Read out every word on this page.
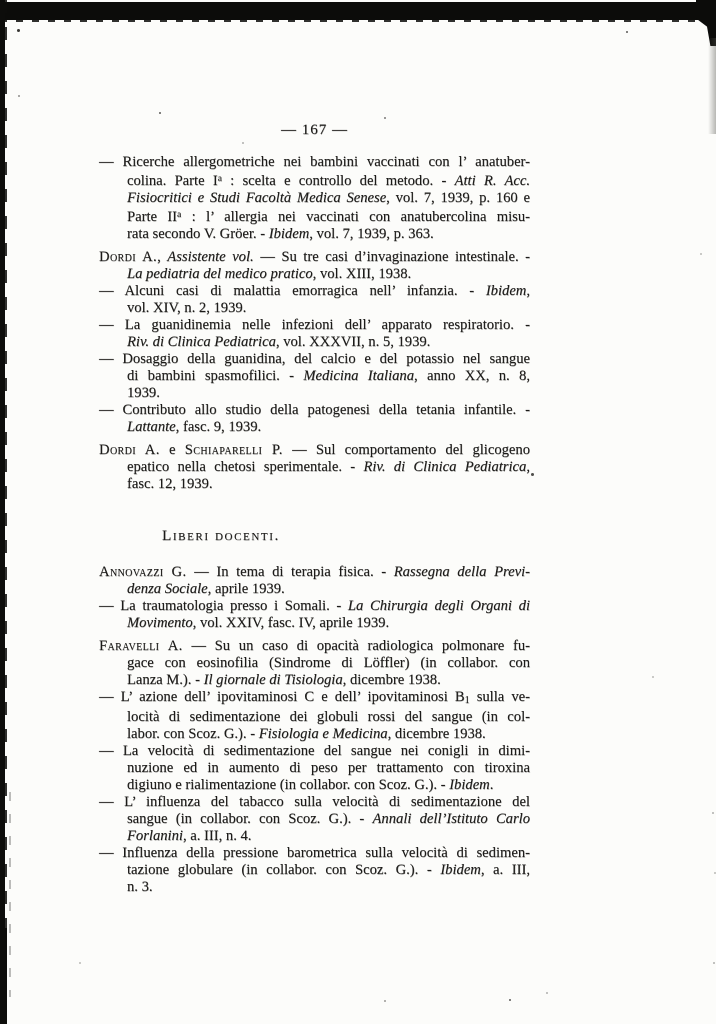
— 167 —
— Ricerche allergometriche nei bambini vaccinati con l’ anatuber-
colina. Parte $I^a$ : scelta e controllo del metodo. - Atti R. Acc.
Fisiocritici e Studi Facoltà Medica Senese, vol. 7, 1939, p. 160 e
Parte $II^a$ : l’ allergia nei vaccinati con anatubercolina misu-
rata secondo V. Gröer. - Ibidem, vol. 7, 1939, p. 363.
Dordi A., Assistente vol. — Su tre casi d’invaginazione intestinale. -
La pediatria del medico pratico, vol. XIII, 1938.
— Alcuni casi di malattia emorragica nell’ infanzia. - Ibidem,
vol. XIV, n. 2, 1939.
— La guanidinemia nelle infezioni dell’ apparato respiratorio. -
Riv. di Clinica Pediatrica, vol. XXXVII, n. 5, 1939.
— Dosaggio della guanidina, del calcio e del potassio nel sangue
di bambini spasmofilici. - Medicina Italiana, anno XX, n. 8,
1939.
— Contributo allo studio della patogenesi della tetania infantile. -
Lattante, fasc. 9, 1939.
Dordi A. e Schiaparelli P. — Sul comportamento del glicogeno
epatico nella chetosi sperimentale. - Riv. di Clinica Pediatrica,
fasc. 12, 1939.
Liberi docenti.
Annovazzi G. — In tema di terapia fisica. - Rassegna della Previ-
denza Sociale, aprile 1939.
— La traumatologia presso i Somali. - La Chirurgia degli Organi di
Movimento, vol. XXIV, fasc. IV, aprile 1939.
Faravelli A. — Su un caso di opacità radiologica polmonare fu-
gace con eosinofilia (Sindrome di Löffler) (in collabor. con
Lanza M.). - Il giornale di Tisiologia, dicembre 1938.
— L’ azione dell’ ipovitaminosi C e dell’ ipovitaminosi B1 sulla ve-
locità di sedimentazione dei globuli rossi del sangue (in col-
labor. con Scoz. G.). - Fisiologia e Medicina, dicembre 1938.
— La velocità di sedimentazione del sangue nei conigli in dimi-
nuzione ed in aumento di peso per trattamento con tiroxina
digiuno e rialimentazione (in collabor. con Scoz. G.). - Ibidem.
— L’ influenza del tabacco sulla velocità di sedimentazione del
sangue (in collabor. con Scoz. G.). - Annali dell’Istituto Carlo
Forlanini, a. III, n. 4.
— Influenza della pressione barometrica sulla velocità di sedimen-
tazione globulare (in collabor. con Scoz. G.). - Ibidem, a. III,
n. 3.
